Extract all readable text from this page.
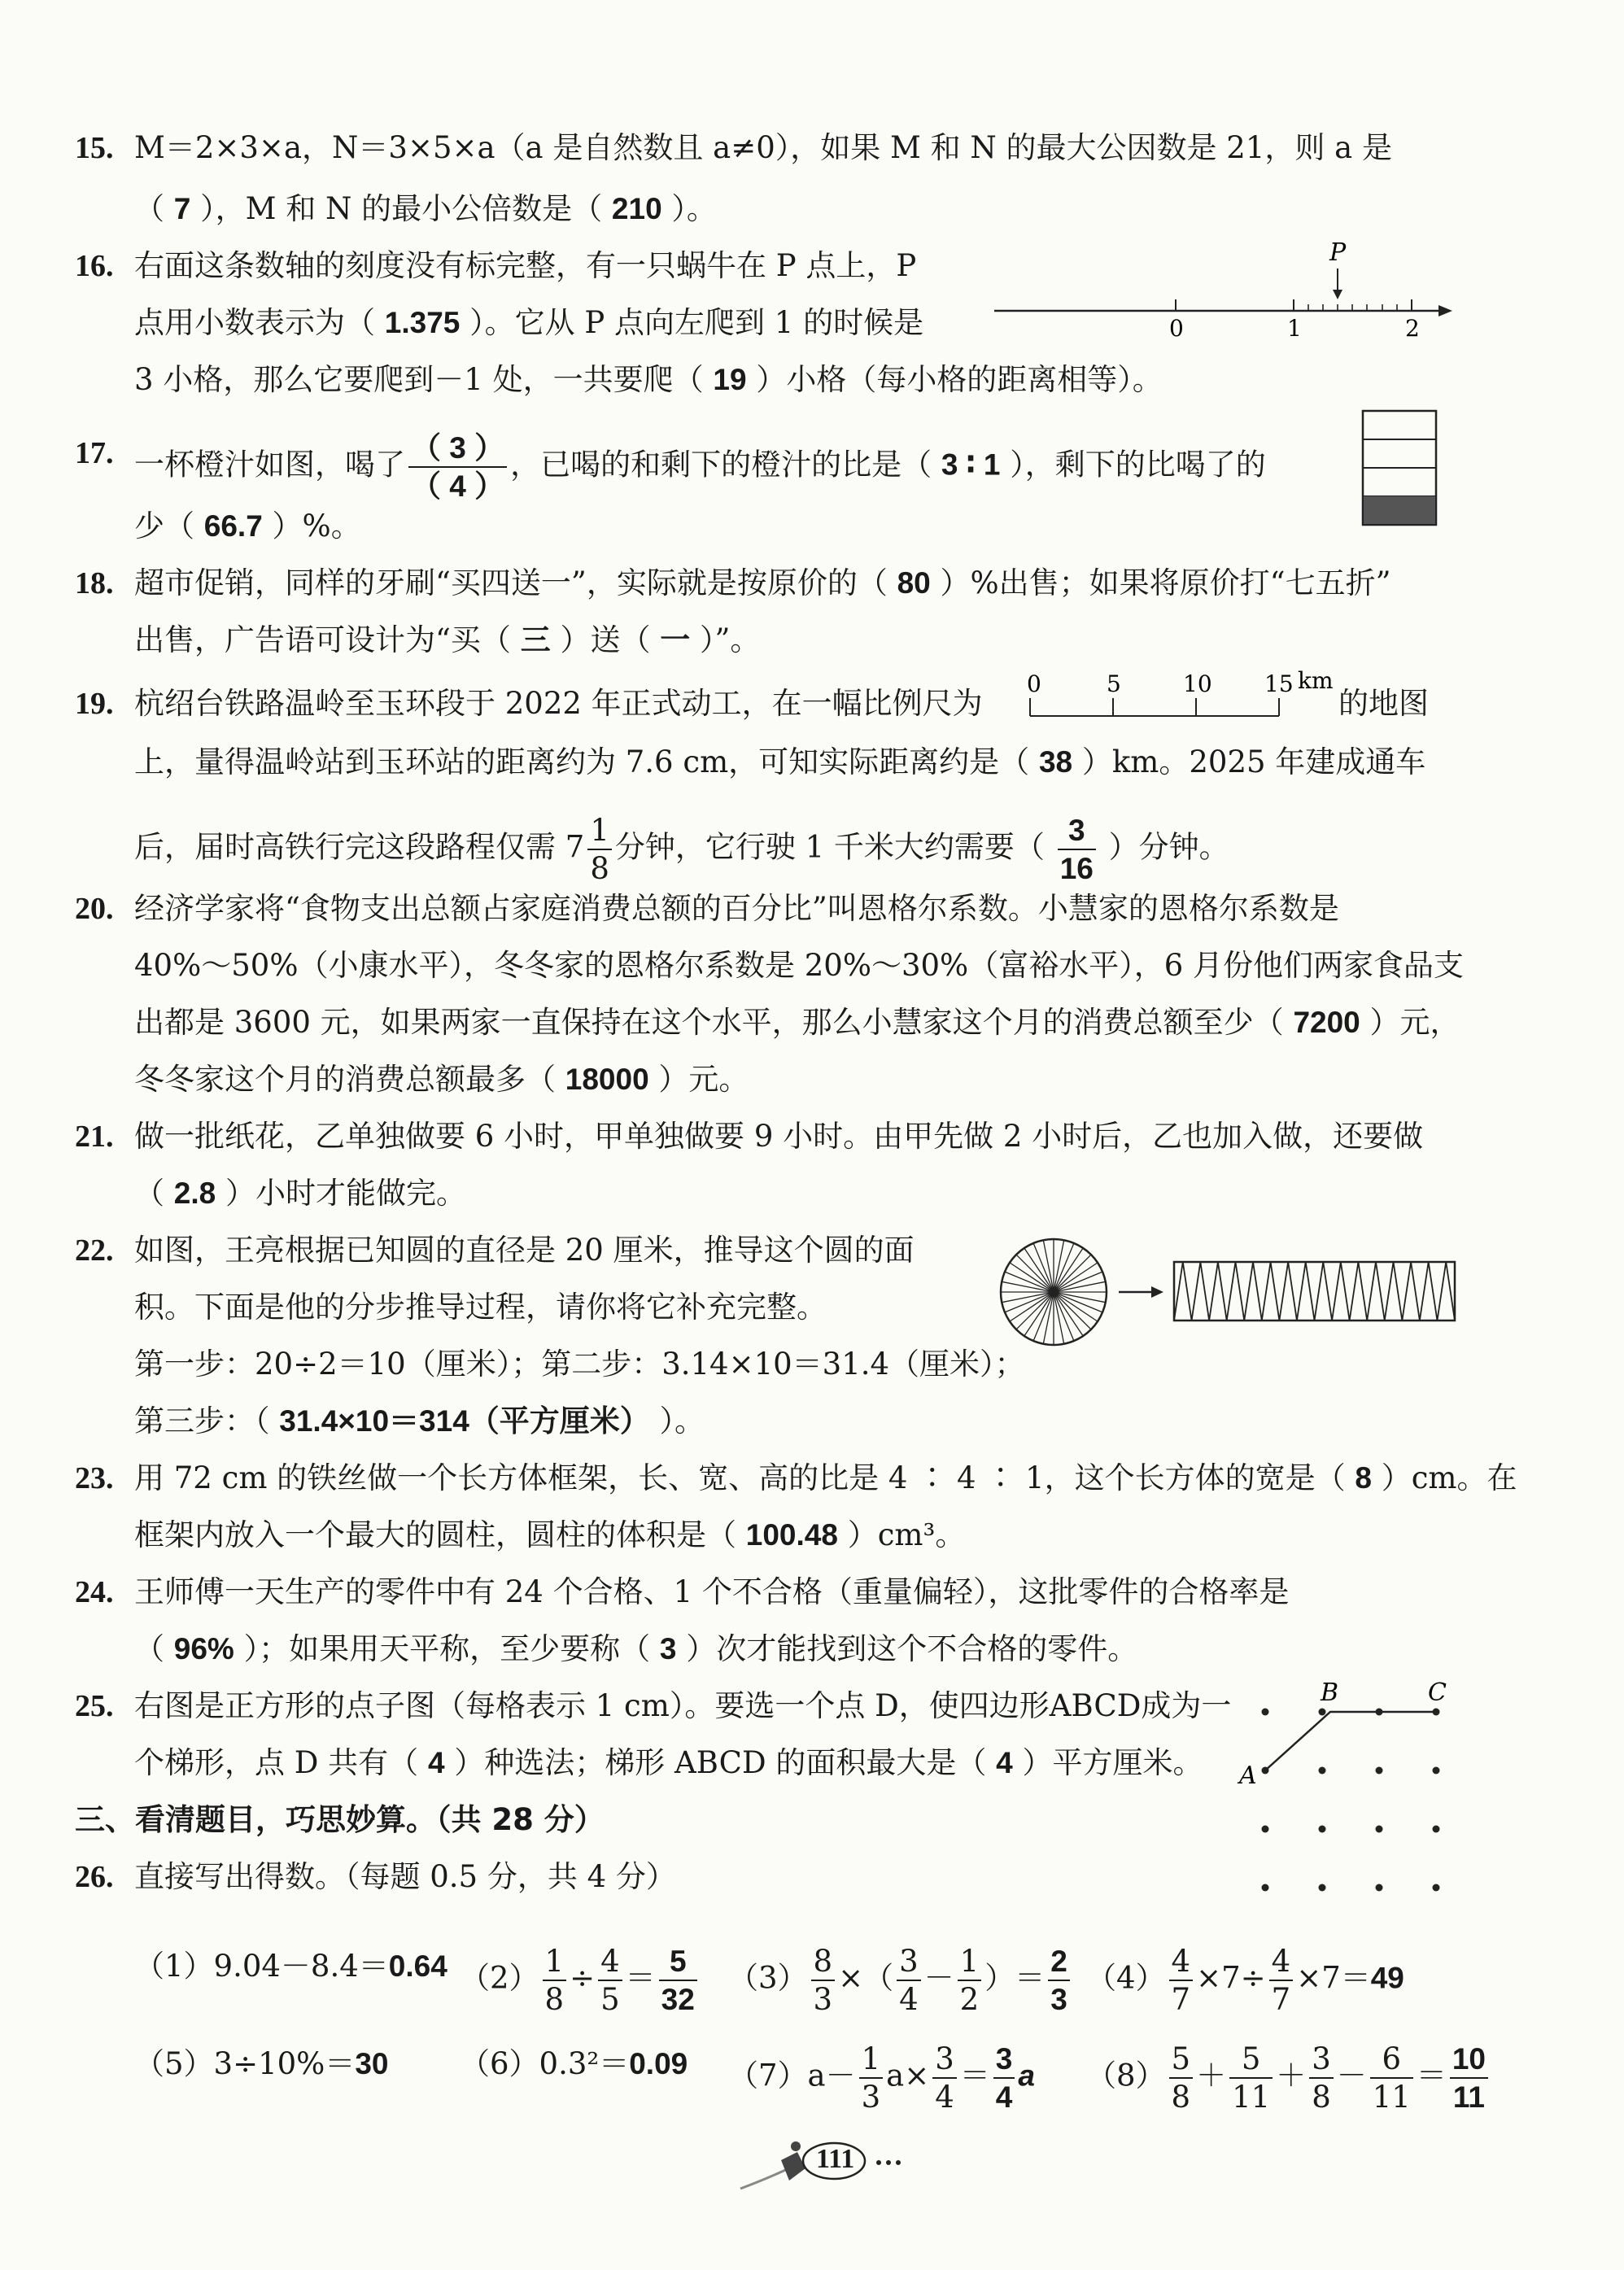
15. M＝2×3×a，N＝3×5×a（a 是自然数且 a≠0），如果 M 和 N 的最大公因数是 21，则 a 是
（ 7 ），M 和 N 的最小公倍数是（ 210 ）。
16. 右面这条数轴的刻度没有标完整，有一只蜗牛在 P 点上，P
点用小数表示为（ 1.375 ）。它从 P 点向左爬到 1 的时候是
3 小格，那么它要爬到－1 处，一共要爬（ 19 ）小格（每小格的距离相等）。
P
0	1	2
17. 一杯橙汁如图，喝了 $\frac{( 3 )}{( 4 )}$ ，已喝的和剩下的橙汁的比是（ 3 ∶ 1 ），剩下的比喝了的
少（ 66.7 ）%。
18. 超市促销，同样的牙刷“买四送一”，实际就是按原价的（ 80 ）%出售；如果将原价打“七五折”
出售，广告语可设计为“买（ 三 ）送（ 一 ）”。
19. 杭绍台铁路温岭至玉环段于 2022 年正式动工，在一幅比例尺为
0	5	10 15 km
的地图
上，量得温岭站到玉环站的距离约为 7.6 cm，可知实际距离约是（ 38 ）km。2025 年建成通车
后，届时高铁行完这段路程仅需 $7 \frac{1}{8}$ 分钟，它行驶 1 千米大约需要（ $\frac{3}{16}$ ）分钟。
20. 经济学家将“食物支出总额占家庭消费总额的百分比”叫恩格尔系数。小慧家的恩格尔系数是
40%～50%（小康水平），冬冬家的恩格尔系数是 20%～30%（富裕水平），6 月份他们两家食品支
出都是 3600 元，如果两家一直保持在这个水平，那么小慧家这个月的消费总额至少（ 7200 ）元，
冬冬家这个月的消费总额最多（ 18000 ）元。
21. 做一批纸花，乙单独做要 6 小时，甲单独做要 9 小时。由甲先做 2 小时后，乙也加入做，还要做
（ 2.8 ）小时才能做完。
22. 如图，王亮根据已知圆的直径是 20 厘米，推导这个圆的面
积。下面是他的分步推导过程，请你将它补充完整。
第一步：20÷2＝10（厘米）；第二步：3.14×10＝31.4（厘米）；
第三步：（ 31.4×10＝314（平方厘米） ）。
23. 用 72 cm 的铁丝做一个长方体框架，长、宽、高的比是 4 ∶ 4 ∶ 1，这个长方体的宽是（ 8 ）cm。在
框架内放入一个最大的圆柱，圆柱的体积是（ 100.48 ）cm³。
24. 王师傅一天生产的零件中有 24 个合格、1 个不合格（重量偏轻），这批零件的合格率是
（ 96% ）；如果用天平称，至少要称（ 3 ）次才能找到这个不合格的零件。
25. 右图是正方形的点子图（每格表示 1 cm）。要选一个点 D，使四边形ABCD成为一
个梯形，点 D 共有（ 4 ）种选法；梯形 ABCD 的面积最大是（ 4 ）平方厘米。 A
B	C
三、看清题目，巧思妙算。（共 28 分）
26. 直接写出得数。（每题 0.5 分，共 4 分）
（1）9.04－8.4＝0.64 $(2) \frac{1}{8} \div \frac{4}{5} = \frac{5}{32} (3) \frac{8}{3}$ ×（ $\frac{3}{4} - \frac{1}{2}$ ）＝ $\frac{2}{3} (4) \frac{4}{7} \times 7\div \frac{4}{7} \times 7=49$
（5）3÷10%＝30 （6）0.3²＝0.09 $(7)a- \frac{1}{3} a\times \frac{3}{4} = \frac{3}{4}$ a $(8) \frac{5}{8} + \frac{5}{11} + \frac{3}{8} - \frac{6}{11} = \frac{10}{11}$
111
